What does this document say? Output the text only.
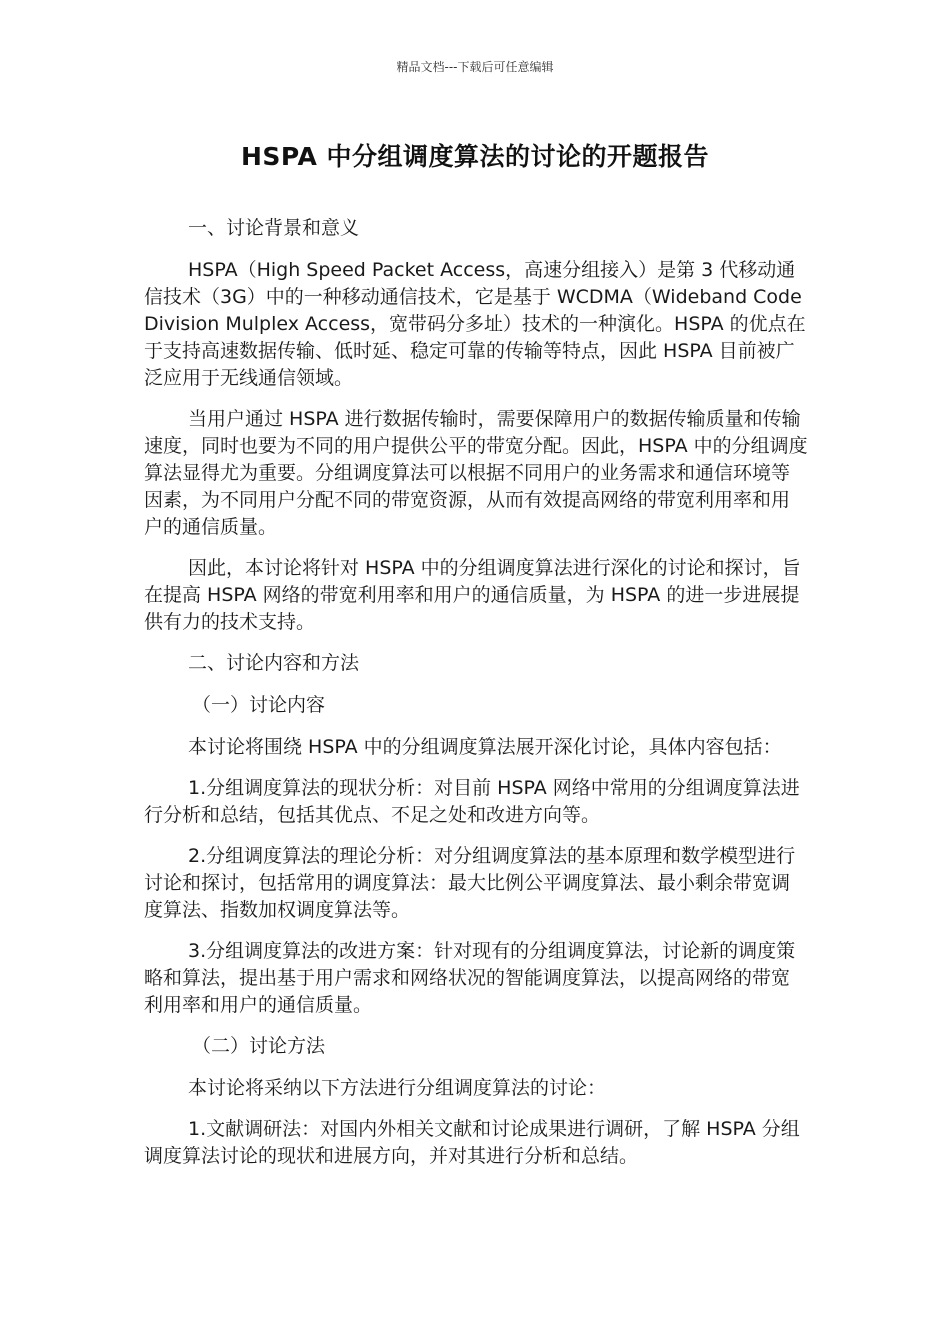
精品文档---下载后可任意编辑
HSPA 中分组调度算法的讨论的开题报告

一、讨论背景和意义

HSPA（High Speed Packet Access，高速分组接入）是第 3 代移动通信技术（3G）中的一种移动通信技术，它是基于 WCDMA（Wideband Code Division Mulplex Access，宽带码分多址）技术的一种演化。HSPA 的优点在于支持高速数据传输、低时延、稳定可靠的传输等特点，因此 HSPA 目前被广泛应用于无线通信领域。

当用户通过 HSPA 进行数据传输时，需要保障用户的数据传输质量和传输速度，同时也要为不同的用户提供公平的带宽分配。因此，HSPA 中的分组调度算法显得尤为重要。分组调度算法可以根据不同用户的业务需求和通信环境等因素，为不同用户分配不同的带宽资源，从而有效提高网络的带宽利用率和用户的通信质量。

因此，本讨论将针对 HSPA 中的分组调度算法进行深化的讨论和探讨，旨在提高 HSPA 网络的带宽利用率和用户的通信质量，为 HSPA 的进一步进展提供有力的技术支持。

二、讨论内容和方法

（一）讨论内容

本讨论将围绕 HSPA 中的分组调度算法展开深化讨论，具体内容包括：

1.分组调度算法的现状分析：对目前 HSPA 网络中常用的分组调度算法进行分析和总结，包括其优点、不足之处和改进方向等。

2.分组调度算法的理论分析：对分组调度算法的基本原理和数学模型进行讨论和探讨，包括常用的调度算法：最大比例公平调度算法、最小剩余带宽调度算法、指数加权调度算法等。

3.分组调度算法的改进方案：针对现有的分组调度算法，讨论新的调度策略和算法，提出基于用户需求和网络状况的智能调度算法，以提高网络的带宽利用率和用户的通信质量。

（二）讨论方法

本讨论将采纳以下方法进行分组调度算法的讨论：

1.文献调研法：对国内外相关文献和讨论成果进行调研，了解 HSPA 分组调度算法讨论的现状和进展方向，并对其进行分析和总结。
